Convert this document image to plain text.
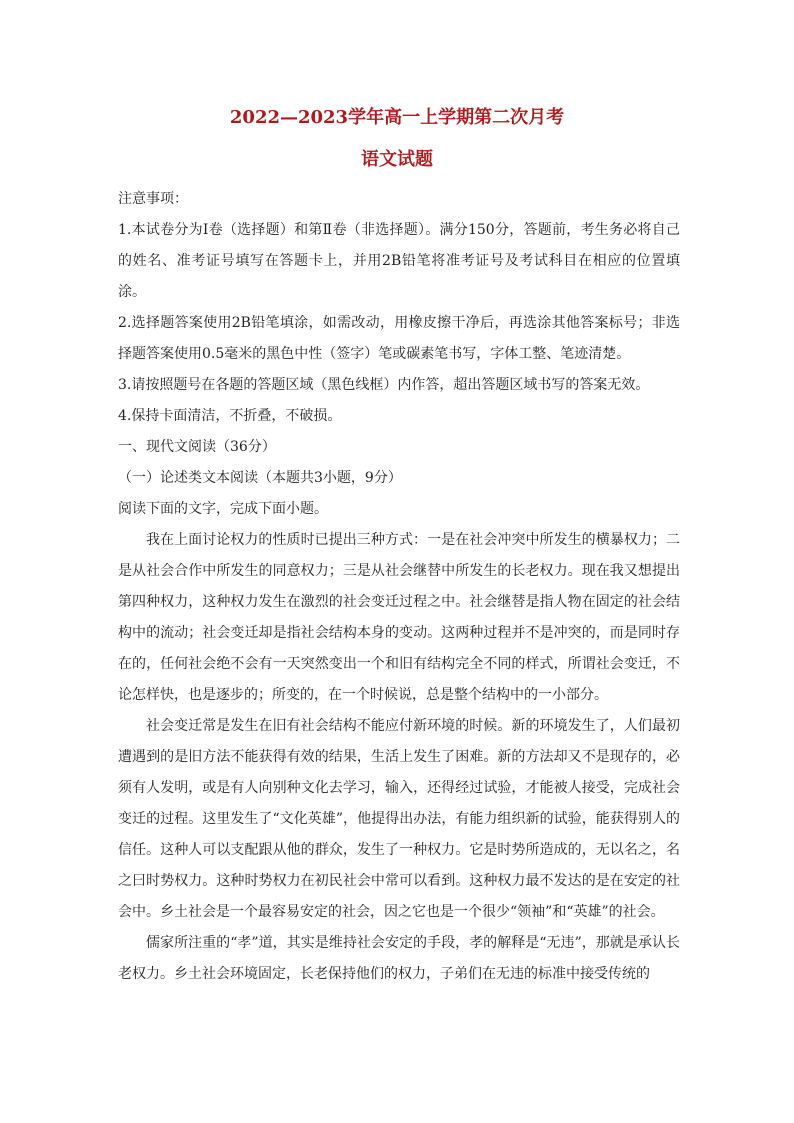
2022—2023学年高一上学期第二次月考
语文试题

注意事项：

1.本试卷分为Ⅰ卷（选择题）和第Ⅱ卷（非选择题）。满分150分，答题前，考生务必将自己的姓名、准考证号填写在答题卡上，并用2B铅笔将准考证号及考试科目在相应的位置填涂。

2.选择题答案使用2B铅笔填涂，如需改动，用橡皮擦干净后，再选涂其他答案标号；非选择题答案使用0.5毫米的黑色中性（签字）笔或碳素笔书写，字体工整、笔迹清楚。

3.请按照题号在各题的答题区域（黑色线框）内作答，超出答题区域书写的答案无效。

4.保持卡面清洁，不折叠，不破损。

一、现代文阅读（36分）

（一）论述类文本阅读（本题共3小题，9分）

阅读下面的文字，完成下面小题。

我在上面讨论权力的性质时已提出三种方式：一是在社会冲突中所发生的横暴权力；二是从社会合作中所发生的同意权力；三是从社会继替中所发生的长老权力。现在我又想提出第四种权力，这种权力发生在激烈的社会变迁过程之中。社会继替是指人物在固定的社会结构中的流动；社会变迁却是指社会结构本身的变动。这两种过程并不是冲突的，而是同时存在的，任何社会绝不会有一天突然变出一个和旧有结构完全不同的样式，所谓社会变迁，不论怎样快，也是逐步的；所变的，在一个时候说，总是整个结构中的一小部分。

社会变迁常是发生在旧有社会结构不能应付新环境的时候。新的环境发生了，人们最初遭遇到的是旧方法不能获得有效的结果，生活上发生了困难。新的方法却又不是现存的，必须有人发明，或是有人向别种文化去学习，输入，还得经过试验，才能被人接受，完成社会变迁的过程。这里发生了“文化英雄”，他提得出办法，有能力组织新的试验，能获得别人的信任。这种人可以支配跟从他的群众，发生了一种权力。它是时势所造成的，无以名之，名之曰时势权力。这种时势权力在初民社会中常可以看到。这种权力最不发达的是在安定的社会中。乡土社会是一个最容易安定的社会，因之它也是一个很少“领袖”和“英雄”的社会。

儒家所注重的“孝”道，其实是维持社会安定的手段，孝的解释是“无违”，那就是承认长老权力。乡土社会环境固定，长老保持他们的权力，子弟们在无违的标准中接受传统的
